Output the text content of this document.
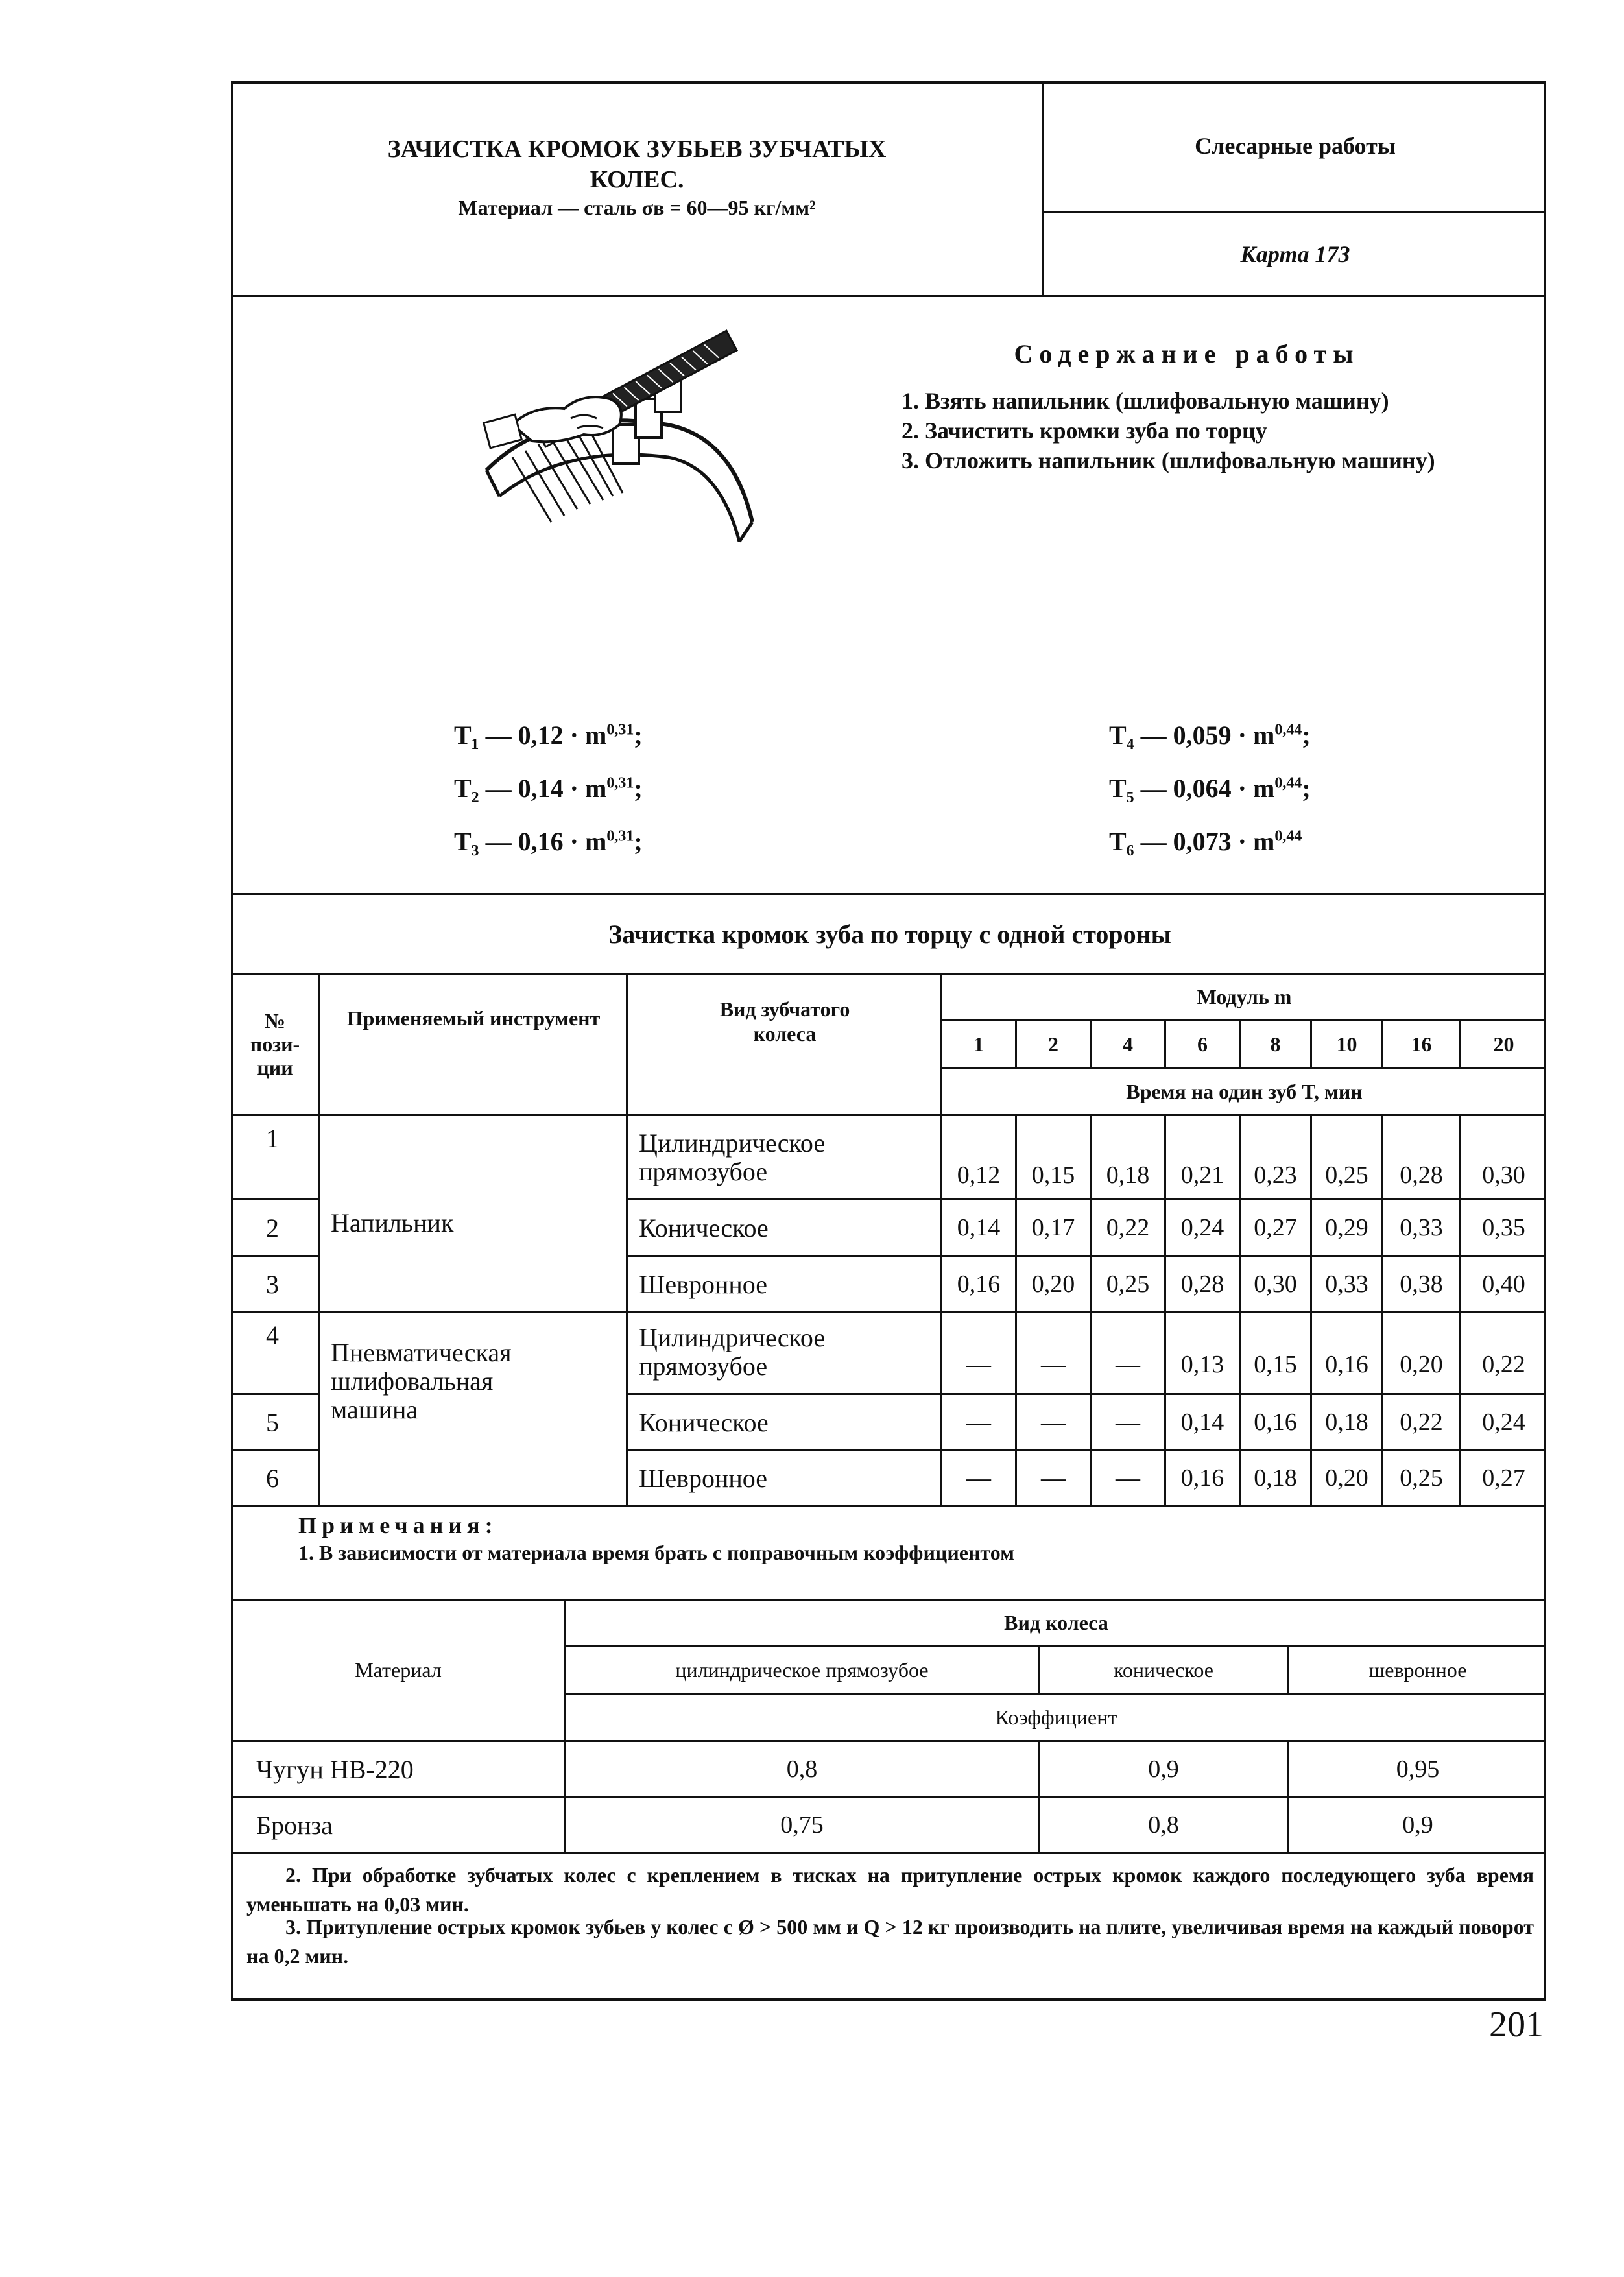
ЗАЧИСТКА КРОМОК ЗУБЬЕВ ЗУБЧАТЫХ
КОЛЕС.
Материал — сталь σв = 60—95 кг/мм²
Слесарные работы
Карта 173
Содержание работы
1. Взять напильник (шлифовальную машину)
2. Зачистить кромки зуба по торцу
3. Отложить напильник (шлифовальную машину)
T₁ — $0,12 \cdot m^{0,31}$;
T₂ — $0,14 \cdot m^{0,31}$;
T₃ — $0,16 \cdot m^{0,31}$;
T₄ — $0,059 \cdot m^{0,44}$;
T₅ — $0,064 \cdot m^{0,44}$;
T₆ — $0,073 \cdot m^{0,44}$
Зачистка кромок зуба по торцу с одной стороны
№
пози-
ции
Применяемый инструмент	Вид зубчатого колеса
Модуль m
1	2	4	6	8	10	16	20
Время на один зуб T, мин
Напильник
Пневматическая шлифовальная машина
1	Цилиндрическое прямозубое	0,12 0,15 0,18 0,21 0,23 0,25 0,28 0,30
2	Коническое	0,14 0,17 0,22 0,24 0,27 0,29 0,33 0,35
3	Шевронное	0,16 0,20 0,25 0,28 0,30 0,33 0,38 0,40
4	Цилиндрическое прямозубое	— — — 0,13 0,15 0,16 0,20 0,22
5	Коническое	— — — 0,14 0,16 0,18 0,22 0,24
6	Шевронное	— — — 0,16 0,18 0,20 0,25 0,27
Примечания:
1. В зависимости от материала время брать с поправочным коэффициентом
Материал
Вид колеса
цилиндрическое прямозубое	коническое	шевронное
Коэффициент
Чугун НВ-220	0,8	0,9	0,95
Бронза	0,75	0,8	0,9
2. При обработке зубчатых колес с креплением в тисках на притупление острых кромок каждого последующего зуба время уменьшать на 0,03 мин.
3. Притупление острых кромок зубьев у колес с Ø > 500 мм и Q > 12 кг производить на плите, увеличивая время на каждый поворот на 0,2 мин.
201
